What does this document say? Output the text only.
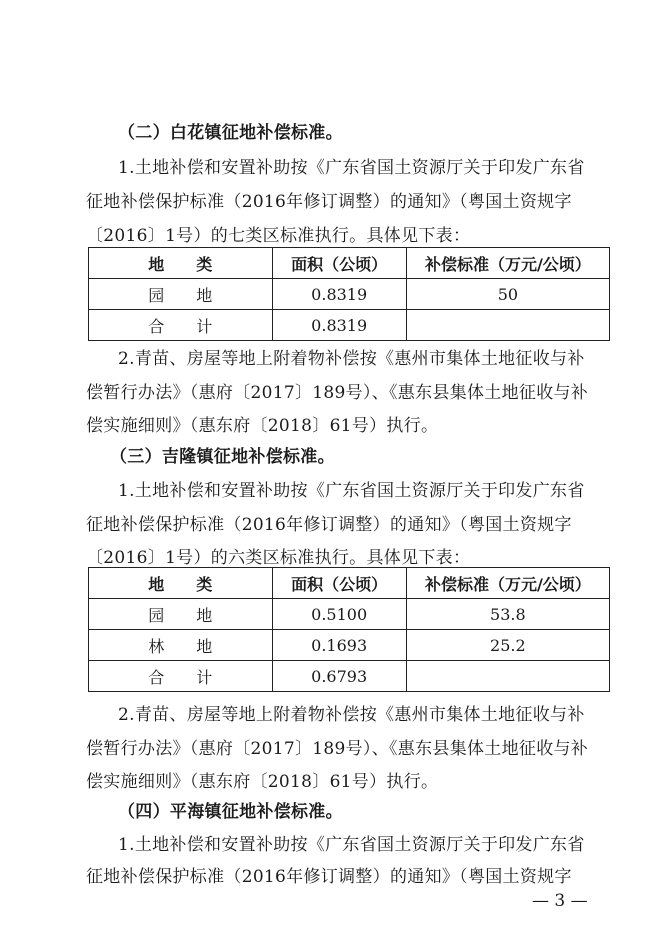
（二）白花镇征地补偿标准。
1.土地补偿和安置补助按《广东省国土资源厅关于印发广东省
征地补偿保护标准（2016年修订调整）的通知》（粤国土资规字
〔2016〕1号）的七类区标准执行。具体见下表：
地　　类	面积（公顷）	补偿标准（万元/公顷）
园　　地	0.8319	50
合　　计	0.8319	
2.青苗、房屋等地上附着物补偿按《惠州市集体土地征收与补
偿暂行办法》（惠府〔2017〕189号）、《惠东县集体土地征收与补
偿实施细则》（惠东府〔2018〕61号）执行。
（三）吉隆镇征地补偿标准。
1.土地补偿和安置补助按《广东省国土资源厅关于印发广东省
征地补偿保护标准（2016年修订调整）的通知》（粤国土资规字
〔2016〕1号）的六类区标准执行。具体见下表：
地　　类	面积（公顷）	补偿标准（万元/公顷）
园　　地	0.5100	53.8
林　　地	0.1693	25.2
合　　计	0.6793	
2.青苗、房屋等地上附着物补偿按《惠州市集体土地征收与补
偿暂行办法》（惠府〔2017〕189号）、《惠东县集体土地征收与补
偿实施细则》（惠东府〔2018〕61号）执行。
（四）平海镇征地补偿标准。
1.土地补偿和安置补助按《广东省国土资源厅关于印发广东省
征地补偿保护标准（2016年修订调整）的通知》（粤国土资规字
— 3 —
